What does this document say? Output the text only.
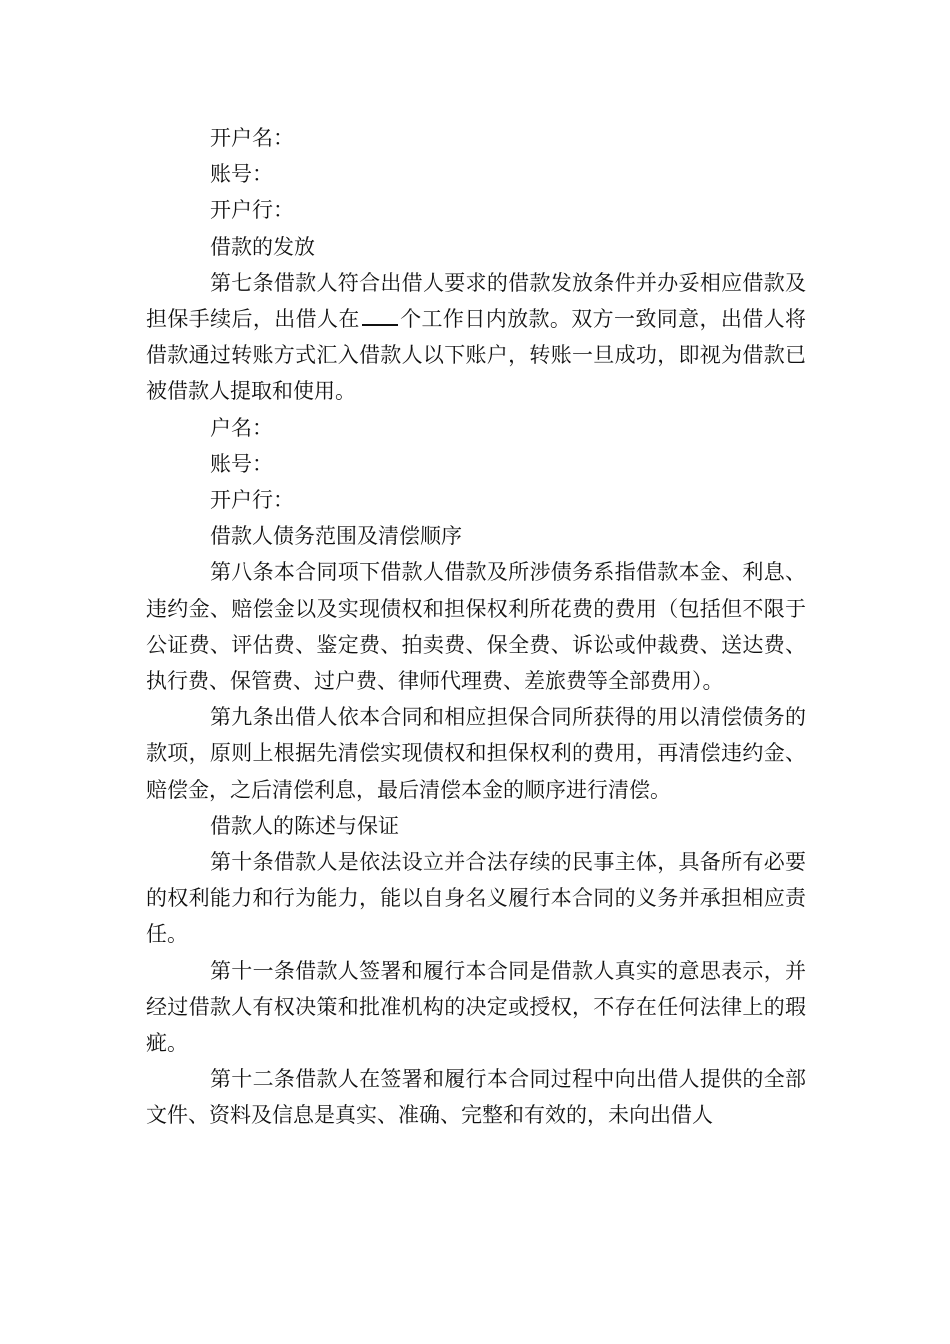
开户名：

账号：

开户行：

借款的发放

第七条借款人符合出借人要求的借款发放条件并办妥相应借款及担保手续后，出借人在 个工作日内放款。双方一致同意，出借人将借款通过转账方式汇入借款人以下账户，转账一旦成功，即视为借款已被借款人提取和使用。

户名：

账号：

开户行：

借款人债务范围及清偿顺序

第八条本合同项下借款人借款及所涉债务系指借款本金、利息、违约金、赔偿金以及实现债权和担保权利所花费的费用（包括但不限于公证费、评估费、鉴定费、拍卖费、保全费、诉讼或仲裁费、送达费、执行费、保管费、过户费、律师代理费、差旅费等全部费用）。

第九条出借人依本合同和相应担保合同所获得的用以清偿债务的款项，原则上根据先清偿实现债权和担保权利的费用，再清偿违约金、赔偿金，之后清偿利息，最后清偿本金的顺序进行清偿。

借款人的陈述与保证

第十条借款人是依法设立并合法存续的民事主体，具备所有必要的权利能力和行为能力，能以自身名义履行本合同的义务并承担相应责任。

第十一条借款人签署和履行本合同是借款人真实的意思表示，并经过借款人有权决策和批准机构的决定或授权，不存在任何法律上的瑕疵。

第十二条借款人在签署和履行本合同过程中向出借人提供的全部文件、资料及信息是真实、准确、完整和有效的，未向出借人
